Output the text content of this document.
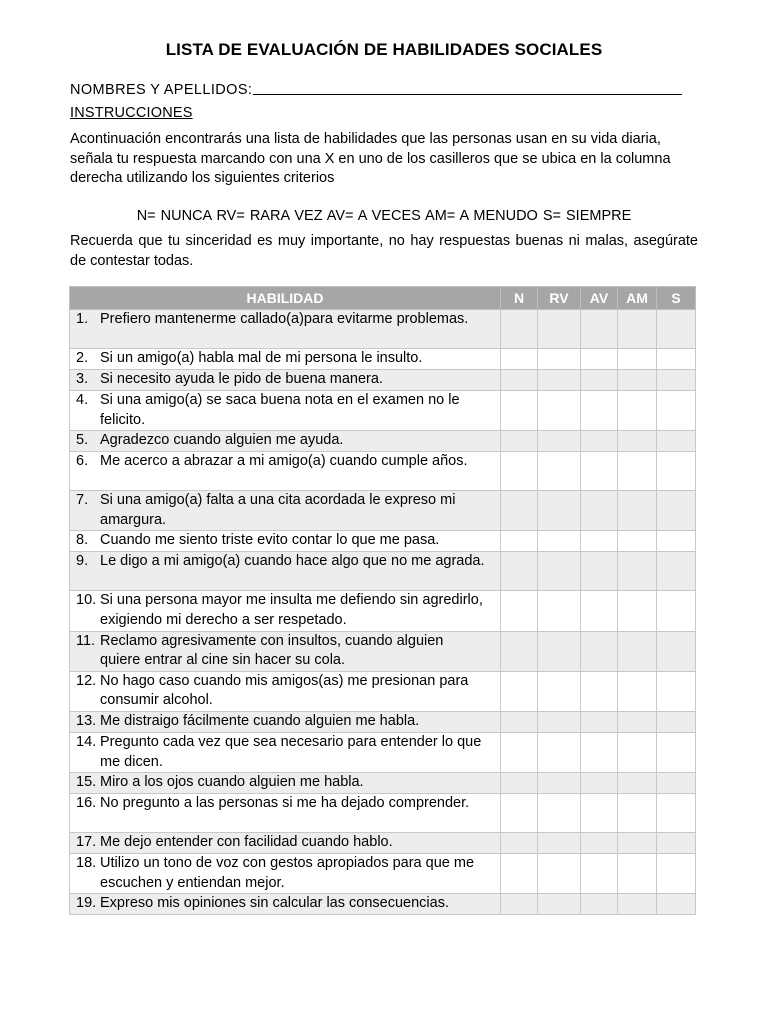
LISTA DE EVALUACIÓN DE HABILIDADES SOCIALES
NOMBRES Y APELLIDOS:
INSTRUCCIONES
Acontinuación encontrarás una lista de habilidades que las personas usan en su vida diaria, señala tu respuesta marcando con una X en uno de los casilleros que se ubica en la columna derecha utilizando los siguientes criterios
N= NUNCA RV= RARA VEZ AV= A VECES AM= A MENUDO S= SIEMPRE
Recuerda que tu sinceridad es muy importante, no hay respuestas buenas ni malas, asegúrate de contestar todas.
HABILIDAD	N	RV	AV	AM	S

1. Prefiero mantenerme callado(a)para evitarme problemas.					

2. Si un amigo(a) habla mal de mi persona le insulto.					

3. Si necesito ayuda le pido de buena manera.					

4. Si una amigo(a) se saca buena nota en el examen no le felicito.					

5. Agradezco cuando alguien me ayuda.					

6. Me acerco a abrazar a mi amigo(a) cuando cumple años.					

7. Si una amigo(a) falta a una cita acordada le expreso mi amargura.					

8. Cuando me siento triste evito contar lo que me pasa.					

9. Le digo a mi amigo(a) cuando hace algo que no me agrada.					

10. Si una persona mayor me insulta me defiendo sin agredirlo, exigiendo mi derecho a ser respetado.					

11. Reclamo agresivamente con insultos, cuando alguien quiere entrar al cine sin hacer su cola.					

12. No hago caso cuando mis amigos(as) me presionan para consumir alcohol.					

13. Me distraigo fácilmente cuando alguien me habla.					

14. Pregunto cada vez que sea necesario para entender lo que me dicen.					

15. Miro a los ojos cuando alguien me habla.					

16. No pregunto a las personas si me ha dejado comprender.					

17. Me dejo entender con facilidad cuando hablo.					

18. Utilizo un tono de voz con gestos apropiados para que me escuchen y entiendan mejor.					

19. Expreso mis opiniones sin calcular las consecuencias.					
